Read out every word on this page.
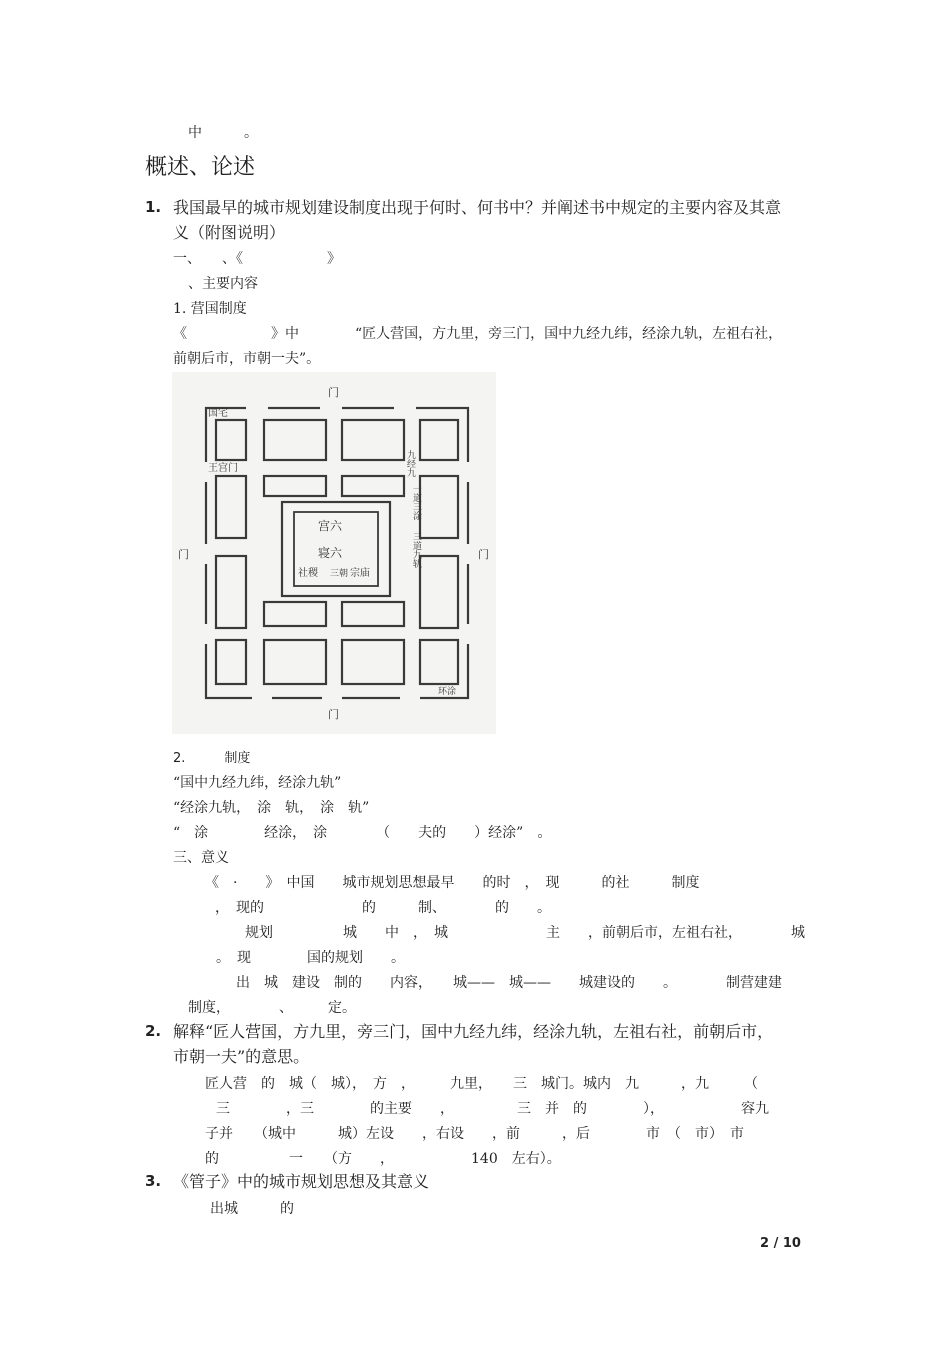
中　　　。
概述、论述
1. 我国最早的城市规划建设制度出现于何时、何书中？并阐述书中规定的主要内容及其意
义（附图说明）
一、　　、《　　　　　　》
、主要内容
1. 营国制度
《　　　　　　》中　　　　“匠人营国，方九里，旁三门，国中九经九纬，经涂九轨，左祖右社，
前朝后市，市朝一夫”。
门
门
门	门
国宅
王宫门	九经九
一道三涂
三道九轨
宫六
寝六
社稷	宗庙
三朝
环涂
2.　　　制度
“国中九经九纬，经涂九轨”
“经涂九轨，　涂　轨，　涂　轨”
“　涂　　　　经涂，　涂　　　　（　　夫的　　）经涂”　。
三、意义
《　·　　》　中国　　城市规划思想最早　　的时　，　现　　　的社　　　制度
，　现的　　　　　　　的　　　制、　　　　的　　。
规划　　　　　城　　中　，　城　　　　　　　主　　，前朝后市，左祖右社，　　　　城
。　现　　　　国的规划　　。
出　城　建设　制的　　内容，　　城——　城——　　城建设的　　。　　　　制营建建
制度，　　　　、　　　定。
2. 解释“匠人营国，方九里，旁三门，国中九经九纬，经涂九轨，左祖右社，前朝后市，
市朝一夫”的意思。
匠人营　的　城（　城），　方　，　　　九里，　　三　城门。城内　九　　　，九　　　（
三　　　　，三　　　　的主要　　，　　　　　三　并　的　　　　），　　　　　　容九
子并　　（城中　　　城）左设　　，右设　　，前　　　，后　　　　市　（　市）　市
的　　　　　一　　（方　　，　　　　　　140　左右）。
3. 《管子》中的城市规划思想及其意义
出城　　　的
2 / 10
